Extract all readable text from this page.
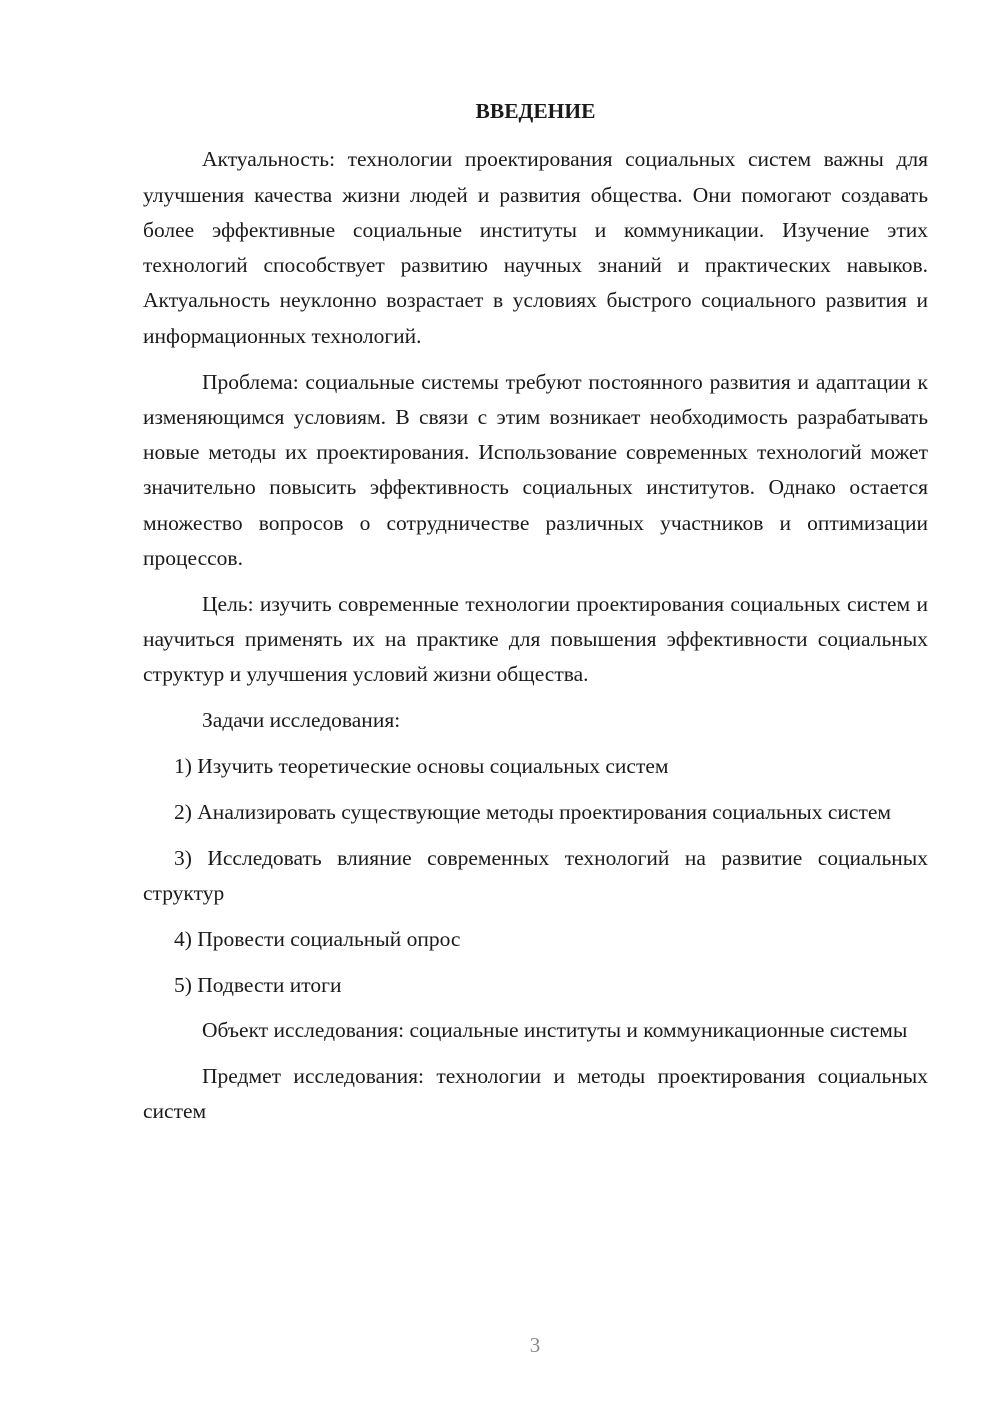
ВВЕДЕНИЕ

Актуальность: технологии проектирования социальных систем важны для улучшения качества жизни людей и развития общества. Они помогают создавать более эффективные социальные институты и коммуникации. Изучение этих технологий способствует развитию научных знаний и практических навыков. Актуальность неуклонно возрастает в условиях быстрого социального развития и информационных технологий.

Проблема: социальные системы требуют постоянного развития и адаптации к изменяющимся условиям. В связи с этим возникает необходимость разрабатывать новые методы их проектирования. Использование современных технологий может значительно повысить эффективность социальных институтов. Однако остается множество вопросов о сотрудничестве различных участников и оптимизации процессов.

Цель: изучить современные технологии проектирования социальных систем и научиться применять их на практике для повышения эффективности социальных структур и улучшения условий жизни общества.

Задачи исследования:

1) Изучить теоретические основы социальных систем

2) Анализировать существующие методы проектирования социальных систем

3) Исследовать влияние современных технологий на развитие социальных структур

4) Провести социальный опрос

5) Подвести итоги

Объект исследования: социальные институты и коммуникационные системы

Предмет исследования: технологии и методы проектирования социальных систем

3
